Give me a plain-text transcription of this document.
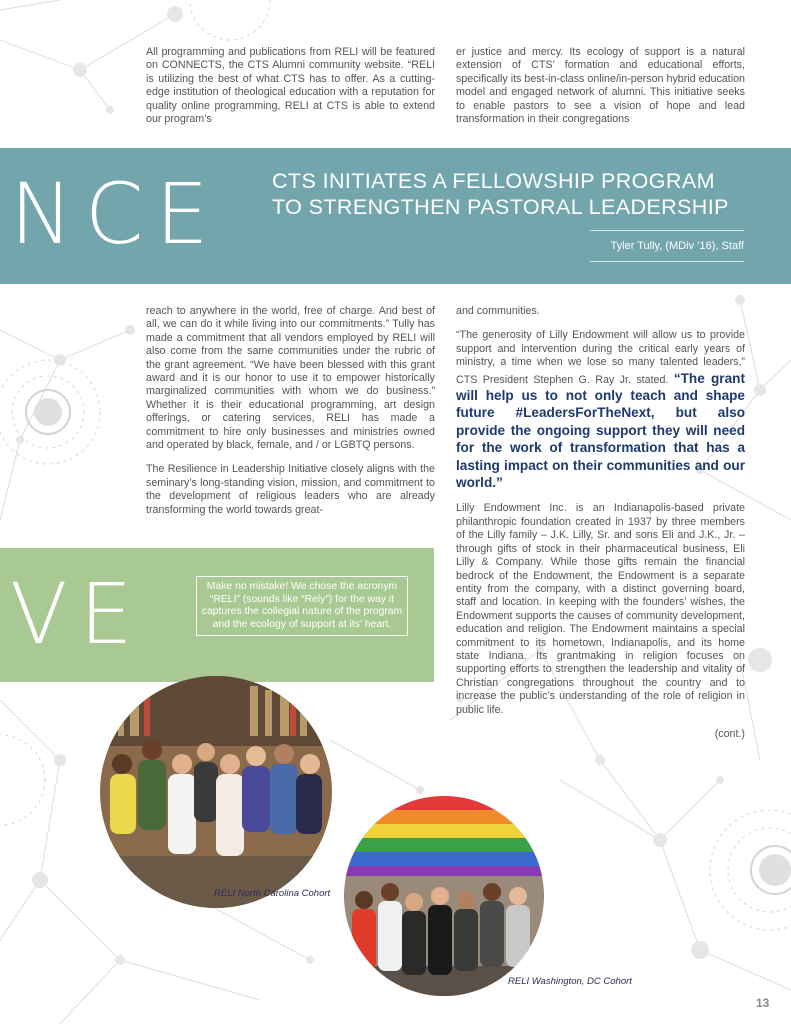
All programming and publications from RELI will be featured on CONNECTS, the CTS Alumni community website. “RELI is utilizing the best of what CTS has to offer. As a cutting-edge institution of theological education with a reputation for quality online programming, RELI at CTS is able to extend our program’s

er justice and mercy. Its ecology of support is a natural extension of CTS’ formation and educational efforts, specifically its best-in-class online/in-person hybrid education model and engaged network of alumni. This initiative seeks to enable pastors to see a vision of hope and lead transformation in their congregations

NCE CTS INITIATES A FELLOWSHIP PROGRAM
TO STRENGTHEN PASTORAL LEADERSHIP
Tyler Tully, (MDiv ’16), Staff

reach to anywhere in the world, free of charge. And best of all, we can do it while living into our commitments.” Tully has made a commitment that all vendors employed by RELI will also come from the same communities under the rubric of the grant agreement. “We have been blessed with this grant award and it is our honor to use it to empower historically marginalized communities with whom we do business.” Whether it is their educational programming, art design offerings, or catering services, RELI has made a commitment to hire only businesses and ministries owned and operated by black, female, and / or LGBTQ persons.

The Resilience in Leadership Initiative closely aligns with the seminary’s long-standing vision, mission, and commitment to the development of religious leaders who are already transforming the world towards great-

and communities.

“The generosity of Lilly Endowment will allow us to provide support and intervention during the critical early years of ministry, a time when we lose so many talented leaders,” CTS President Stephen G. Ray Jr. stated. “The grant will help us to not only teach and shape future #LeadersForTheNext, but also provide the ongoing support they will need for the work of transformation that has a lasting impact on their communities and our world.”

Lilly Endowment Inc. is an Indianapolis-based private philanthropic foundation created in 1937 by three members of the Lilly family – J.K. Lilly, Sr. and sons Eli and J.K., Jr. – through gifts of stock in their pharmaceutical business, Eli Lilly & Company. While those gifts remain the financial bedrock of the Endowment, the Endowment is a separate entity from the company, with a distinct governing board, staff and location. In keeping with the founders’ wishes, the Endowment supports the causes of community development, education and religion. The Endowment maintains a special commitment to its hometown, Indianapolis, and its home state Indiana. Its grantmaking in religion focuses on supporting efforts to strengthen the leadership and vitality of Christian congregations throughout the country and to increase the public’s understanding of the role of religion in public life.

(cont.)
VE	Make no mistake! We chose the acronym “RELI” (sounds like “Rely”) for the way it captures the collegial nature of the program and the ecology of support at its’ heart.
RELI North Carolina Cohort
RELI Washington, DC Cohort
13
